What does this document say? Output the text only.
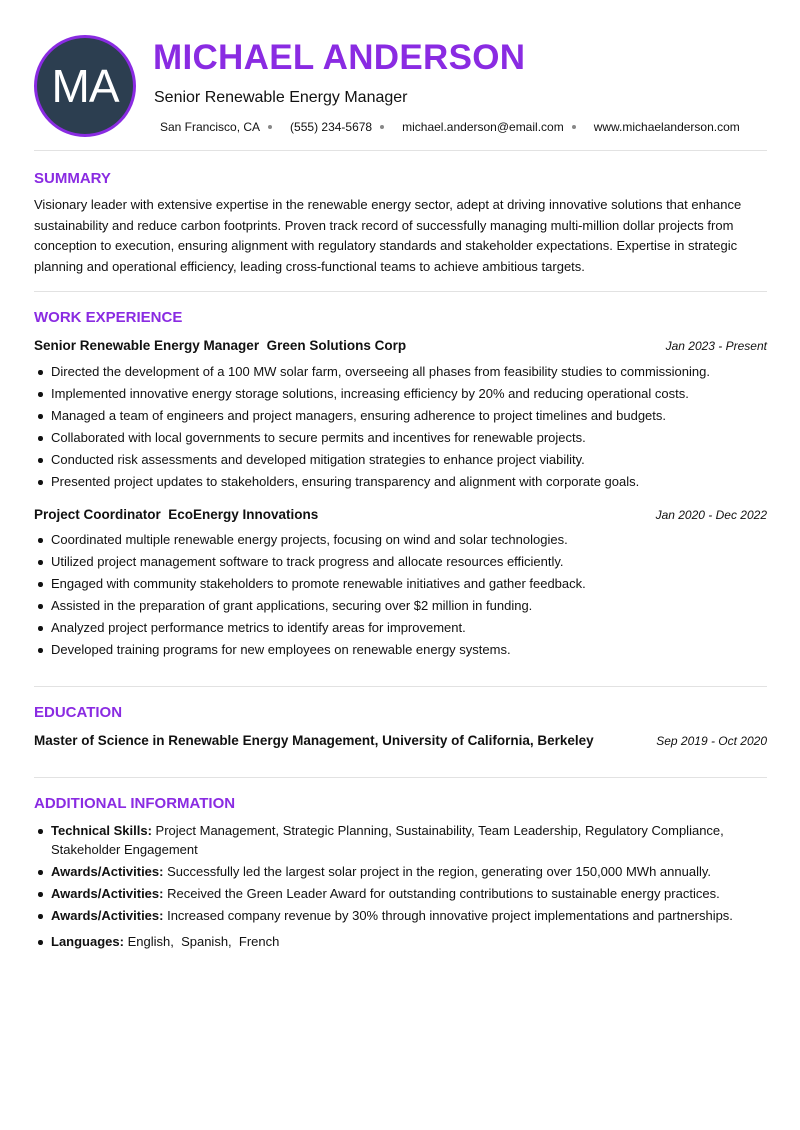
MA
MICHAEL ANDERSON
Senior Renewable Energy Manager
San Francisco, CA	(555) 234-5678	michael.anderson@email.com	www.michaelanderson.com
SUMMARY
Visionary leader with extensive expertise in the renewable energy sector, adept at driving innovative solutions that enhance sustainability and reduce carbon footprints. Proven track record of successfully managing multi-million dollar projects from conception to execution, ensuring alignment with regulatory standards and stakeholder expectations. Expertise in strategic planning and operational efficiency, leading cross-functional teams to achieve ambitious targets.
WORK EXPERIENCE
Senior Renewable Energy Manager  Green Solutions Corp	Jan 2023 - Present
Directed the development of a 100 MW solar farm, overseeing all phases from feasibility studies to commissioning.
Implemented innovative energy storage solutions, increasing efficiency by 20% and reducing operational costs.
Managed a team of engineers and project managers, ensuring adherence to project timelines and budgets.
Collaborated with local governments to secure permits and incentives for renewable projects.
Conducted risk assessments and developed mitigation strategies to enhance project viability.
Presented project updates to stakeholders, ensuring transparency and alignment with corporate goals.
Project Coordinator  EcoEnergy Innovations	Jan 2020 - Dec 2022
Coordinated multiple renewable energy projects, focusing on wind and solar technologies.
Utilized project management software to track progress and allocate resources efficiently.
Engaged with community stakeholders to promote renewable initiatives and gather feedback.
Assisted in the preparation of grant applications, securing over $2 million in funding.
Analyzed project performance metrics to identify areas for improvement.
Developed training programs for new employees on renewable energy systems.
EDUCATION
Master of Science in Renewable Energy Management, University of California, Berkeley	Sep 2019 - Oct 2020
ADDITIONAL INFORMATION
Technical Skills: Project Management, Strategic Planning, Sustainability, Team Leadership, Regulatory Compliance, Stakeholder Engagement
Awards/Activities: Successfully led the largest solar project in the region, generating over 150,000 MWh annually.
Awards/Activities: Received the Green Leader Award for outstanding contributions to sustainable energy practices.
Awards/Activities: Increased company revenue by 30% through innovative project implementations and partnerships.
Languages: English,  Spanish,  French
